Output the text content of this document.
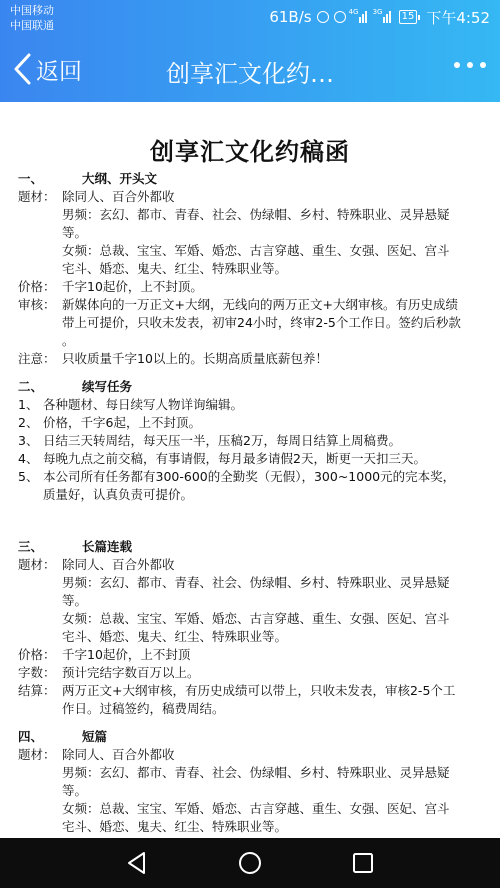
中国移动
中国联通	61B/s	4G 3G	15 下午4:52
返回	创享汇文化约…
创享汇文化约稿函
一、	大纲、开头文
题材： 除同人、百合外都收
男频：玄幻、都市、青春、社会、伪绿帽、乡村、特殊职业、灵异悬疑
等。
女频：总裁、宝宝、军婚、婚恋、古言穿越、重生、女强、医妃、宫斗
宅斗、婚恋、鬼夫、红尘、特殊职业等。
价格： 千字10起价，上不封顶。
审核： 新媒体向的一万正文+大纲，无线向的两万正文+大纲审核。有历史成绩
带上可提价，只收未发表，初审24小时，终审2-5个工作日。签约后秒款
。
注意： 只收质量千字10以上的。长期高质量底薪包养！
二、	续写任务
1、 各种题材、每日续写人物详询编辑。
2、 价格，千字6起，上不封顶。
3、 日结三天转周结，每天压一半，压稿2万，每周日结算上周稿费。
4、 每晚九点之前交稿，有事请假，每月最多请假2天，断更一天扣三天。
5、 本公司所有任务都有300-600的全勤奖（无假），300~1000元的完本奖，
质量好，认真负责可提价。
三、	长篇连载
题材： 除同人、百合外都收
男频：玄幻、都市、青春、社会、伪绿帽、乡村、特殊职业、灵异悬疑
等。
女频：总裁、宝宝、军婚、婚恋、古言穿越、重生、女强、医妃、宫斗
宅斗、婚恋、鬼夫、红尘、特殊职业等。
价格： 千字10起价，上不封顶
字数： 预计完结字数百万以上。
结算： 两万正文+大纲审核，有历史成绩可以带上，只收未发表，审核2-5个工
作日。过稿签约，稿费周结。
四、	短篇
题材： 除同人、百合外都收
男频：玄幻、都市、青春、社会、伪绿帽、乡村、特殊职业、灵异悬疑
等。
女频：总裁、宝宝、军婚、婚恋、古言穿越、重生、女强、医妃、宫斗
宅斗、婚恋、鬼夫、红尘、特殊职业等。
